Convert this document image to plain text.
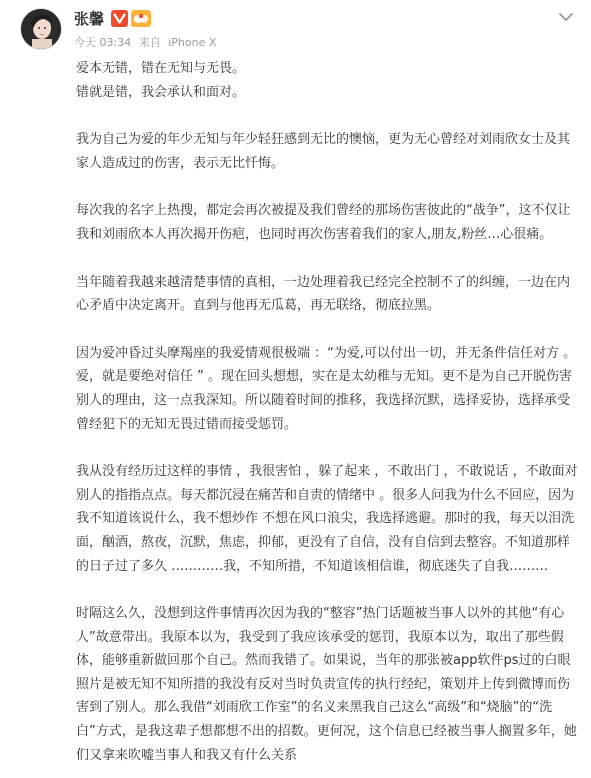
张馨
今天 03:34 来自 iPhone X

爱本无错，错在无知与无畏。

错就是错，我会承认和面对。

我为自己为爱的年少无知与年少轻狂感到无比的懊恼，更为无心曾经对刘雨欣女士及其家人造成过的伤害，表示无比忏悔。

每次我的名字上热搜，都定会再次被提及我们曾经的那场伤害彼此的“战争”，这不仅让我和刘雨欣本人再次揭开伤疤，也同时再次伤害着我们的家人,朋友,粉丝…心很痛。

当年随着我越来越清楚事情的真相，一边处理着我已经完全控制不了的纠缠，一边在内心矛盾中决定离开。直到与他再无瓜葛，再无联络，彻底拉黑。

因为爱冲昏过头摩羯座的我爱情观很极端 ：“为爱,可以付出一切，并无条件信任对方 。爱，就是要绝对信任 ” 。现在回头想想，实在是太幼稚与无知。更不是为自己开脱伤害别人的理由，这一点我深知。所以随着时间的推移，我选择沉默，选择妥协，选择承受曾经犯下的无知无畏过错而接受惩罚。

我从没有经历过这样的事情 ，我很害怕 ，躲了起来 ，不敢出门 ，不敢说话 ，不敢面对别人的指指点点。每天都沉浸在痛苦和自责的情绪中 。很多人问我为什么不回应，因为我不知道该说什么，我不想炒作 不想在风口浪尖，我选择逃避。那时的我，每天以泪洗面，酗酒，熬夜，沉默，焦虑，抑郁，更没有了自信，没有自信到去整容。不知道那样的日子过了多久 …………我，不知所措，不知道该相信谁，彻底迷失了自我………

时隔这么久，没想到这件事情再次因为我的“整容”热门话题被当事人以外的其他“有心人”故意带出。我原本以为，我受到了我应该承受的惩罚，我原本以为，取出了那些假体，能够重新做回那个自己。然而我错了。如果说，当年的那张被app软件ps过的白眼照片是被无知不知所措的我没有反对当时负责宣传的执行经纪，策划并上传到微博而伤害到了别人。那么我借“刘雨欣工作室”的名义来黑我自己这么“高级”和“烧脑”的“洗白”方式，是我这辈子想都想不出的招数。更何况，这个信息已经被当事人搁置多年，她们又拿来吹嘘当事人和我又有什么关系
